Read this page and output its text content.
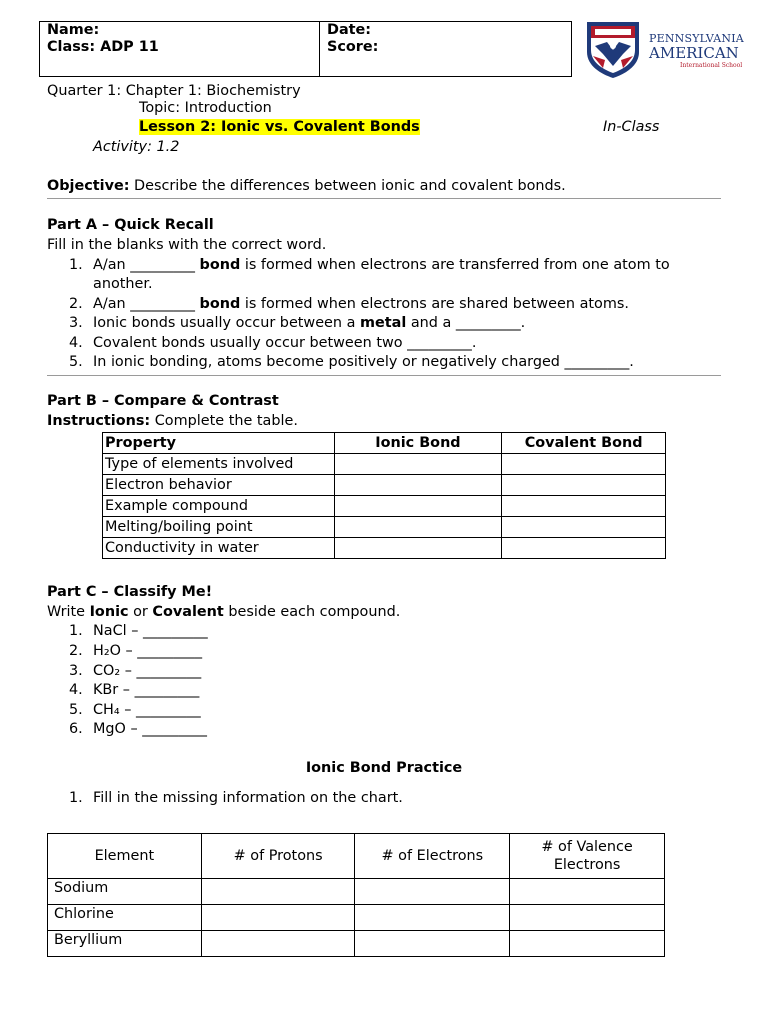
Name:
Class: ADP 11
Date:
Score:
PENNSYLVANIA
AMERICAN
International School
Quarter 1: Chapter 1: Biochemistry
Topic: Introduction
Lesson 2: Ionic vs. Covalent Bonds	In-Class
Activity: 1.2
Objective: Describe the differences between ionic and covalent bonds.
Part A – Quick Recall
Fill in the blanks with the correct word.
1. A/an _________ bond is formed when electrons are transferred from one atom to
another.
2. A/an _________ bond is formed when electrons are shared between atoms.
3. Ionic bonds usually occur between a metal and a _________.
4. Covalent bonds usually occur between two _________.
5. In ionic bonding, atoms become positively or negatively charged _________.
Part B – Compare & Contrast
Instructions: Complete the table.
Property	Ionic Bond	Covalent Bond
Type of elements involved		
Electron behavior		
Example compound		
Melting/boiling point		
Conductivity in water		
Part C – Classify Me!
Write Ionic or Covalent beside each compound.
1. NaCl – _________
2. H₂O – _________
3. CO₂ – _________
4. KBr – _________
5. CH₄ – _________
6. MgO – _________
Ionic Bond Practice
1. Fill in the missing information on the chart.
Element	# of Protons	# of Electrons	# of Valence Electrons
Sodium			
Chlorine			
Beryllium			
